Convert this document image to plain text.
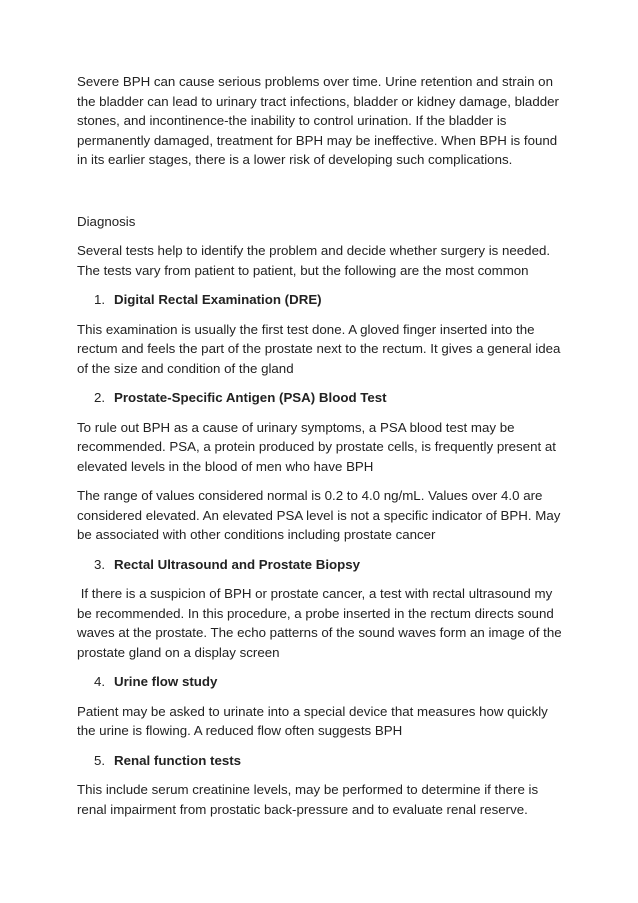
Severe BPH can cause serious problems over time. Urine retention and strain on the bladder can lead to urinary tract infections, bladder or kidney damage, bladder stones, and incontinence-the inability to control urination. If the bladder is permanently damaged, treatment for BPH may be ineffective. When BPH is found in its earlier stages, there is a lower risk of developing such complications.

Diagnosis

Several tests help to identify the problem and decide whether surgery is needed. The tests vary from patient to patient, but the following are the most common

1. Digital Rectal Examination (DRE)

This examination is usually the first test done. A gloved finger inserted into the rectum and feels the part of the prostate next to the rectum. It gives a general idea of the size and condition of the gland

2. Prostate-Specific Antigen (PSA) Blood Test

To rule out BPH as a cause of urinary symptoms, a PSA blood test may be recommended. PSA, a protein produced by prostate cells, is frequently present at elevated levels in the blood of men who have BPH

The range of values considered normal is 0.2 to 4.0 ng/mL. Values over 4.0 are considered elevated. An elevated PSA level is not a specific indicator of BPH. May be associated with other conditions including prostate cancer

3. Rectal Ultrasound and Prostate Biopsy

If there is a suspicion of BPH or prostate cancer, a test with rectal ultrasound my be recommended. In this procedure, a probe inserted in the rectum directs sound waves at the prostate. The echo patterns of the sound waves form an image of the prostate gland on a display screen

4. Urine flow study

Patient may be asked to urinate into a special device that measures how quickly the urine is flowing. A reduced flow often suggests BPH

5. Renal function tests

This include serum creatinine levels, may be performed to determine if there is renal impairment from prostatic back-pressure and to evaluate renal reserve.
